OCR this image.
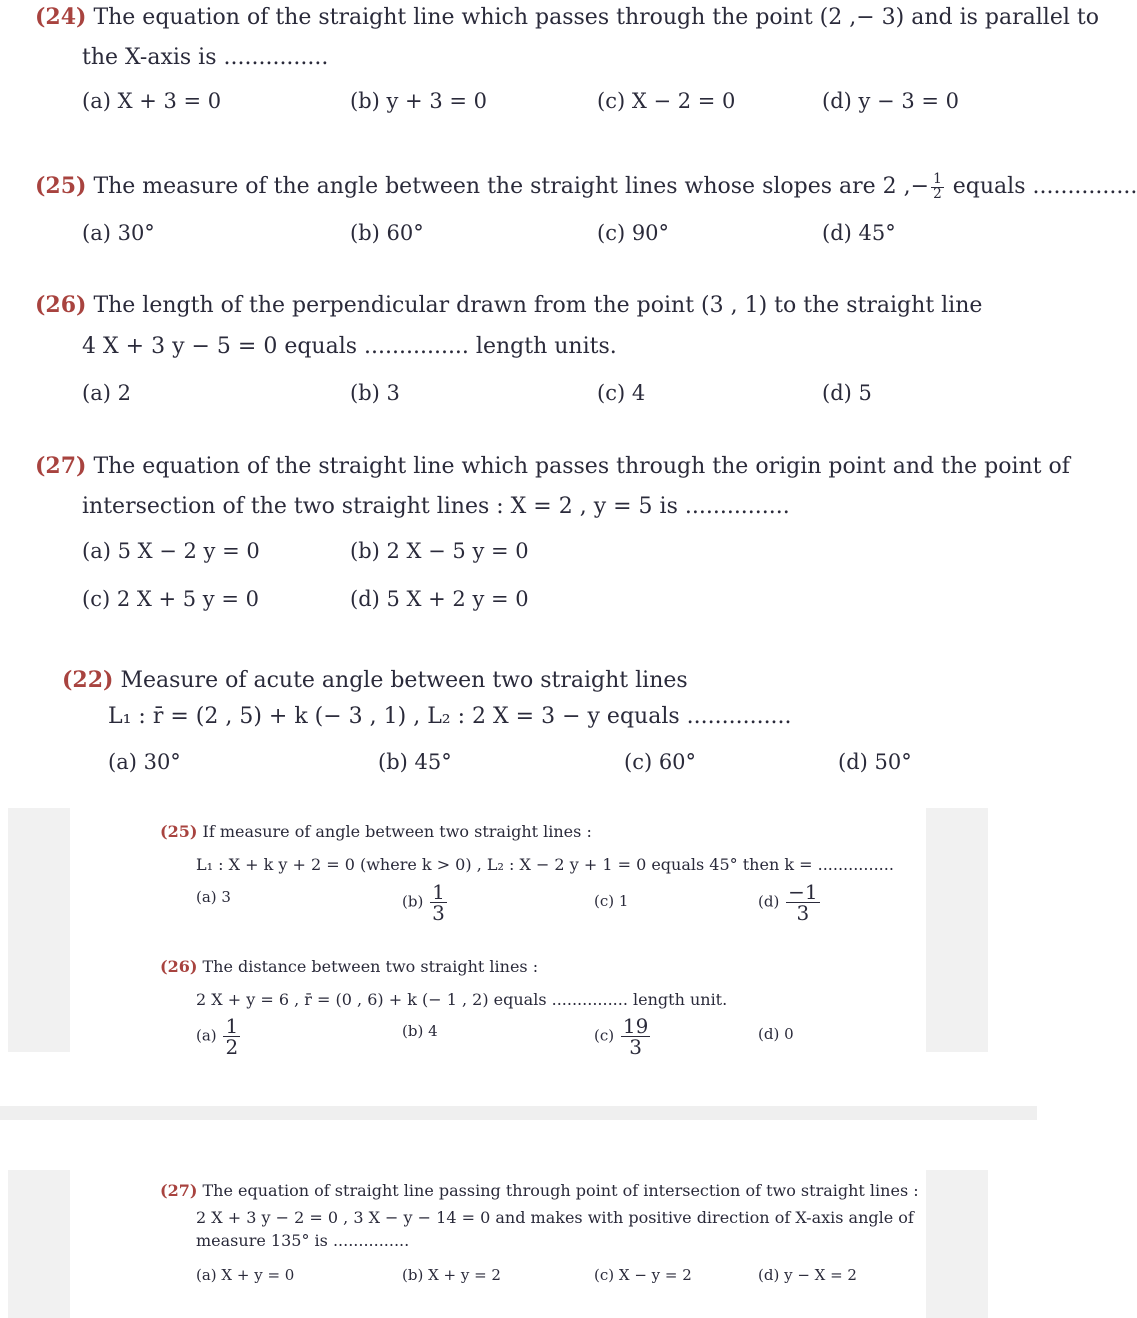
(24) The equation of the straight line which passes through the point (2 ,− 3) and is parallel to
the X-axis is ...............
(a) X + 3 = 0	(b) y + 3 = 0	(c) X − 2 = 0	(d) y − 3 = 0
(25) The measure of the angle between the straight lines whose slopes are 2 ,− $\frac{1}{2}$ equals ...............
(a) 30°	(b) 60°	(c) 90°	(d) 45°
(26) The length of the perpendicular drawn from the point (3 , 1) to the straight line
4 X + 3 y − 5 = 0 equals ............... length units.
(a) 2	(b) 3	(c) 4	(d) 5
(27) The equation of the straight line which passes through the origin point and the point of
intersection of the two straight lines : X = 2 , y = 5 is ...............
(a) 5 X − 2 y = 0	(b) 2 X − 5 y = 0
(c) 2 X + 5 y = 0	(d) 5 X + 2 y = 0
(22) Measure of acute angle between two straight lines
L₁ : r̄ = (2 , 5) + k (− 3 , 1) , L₂ : 2 X = 3 − y equals ...............
(a) 30°	(b) 45°	(c) 60°	(d) 50°
(25) If measure of angle between two straight lines :
L₁ : X + k y + 2 = 0 (where k > 0) , L₂ : X − 2 y + 1 = 0 equals 45° then k = ...............
(a) 3	$(b) \frac{1}{3}$	(c) 1	$(d) \frac{-1}{3}$
(26) The distance between two straight lines :
2 X + y = 6 , r̄ = (0 , 6) + k (− 1 , 2) equals ............... length unit.
$(a) \frac{1}{2}$	(b) 4	$(c) \frac{19}{3}$	(d) 0
(27) The equation of straight line passing through point of intersection of two straight lines :
2 X + 3 y − 2 = 0 , 3 X − y − 14 = 0 and makes with positive direction of X-axis angle of
measure 135° is ...............
(a) X + y = 0	(b) X + y = 2	(c) X − y = 2	(d) y − X = 2
